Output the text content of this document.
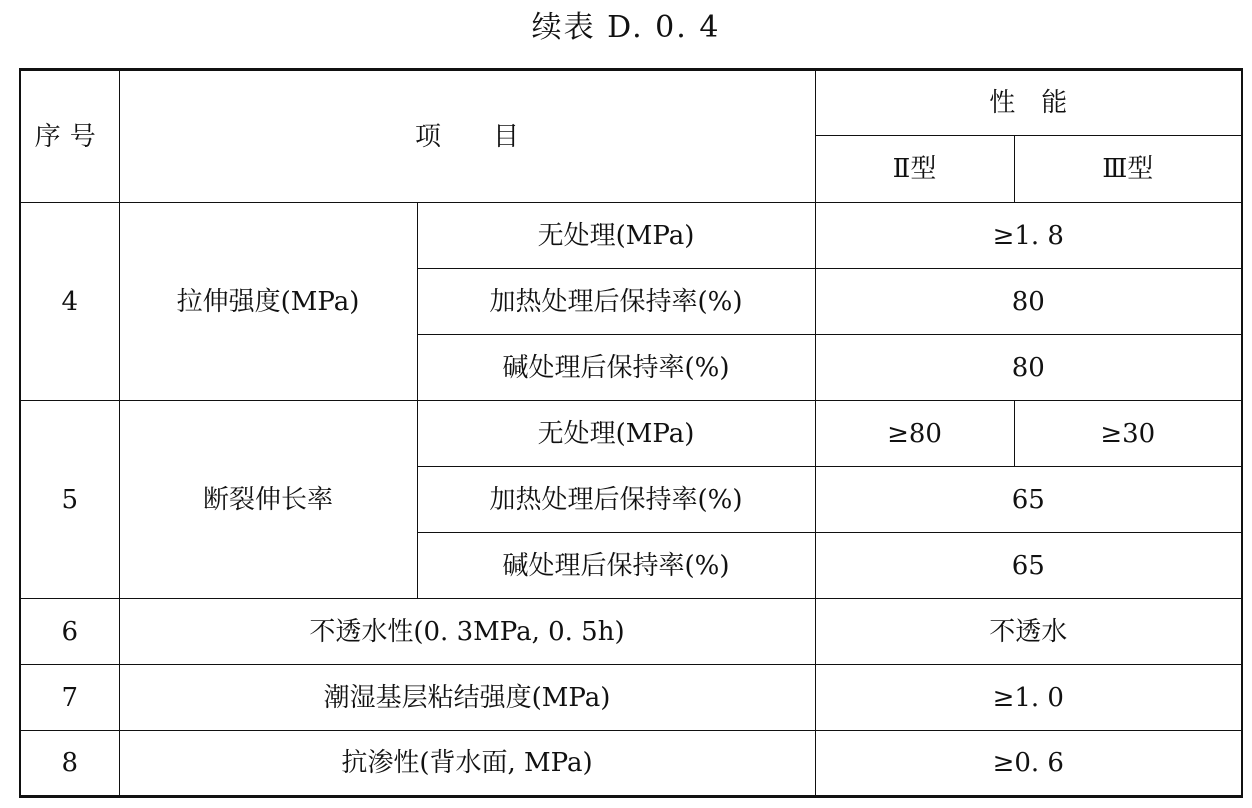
续表 D. 0. 4
序号	项　　目		性　能	
			Ⅱ型	Ⅲ型
4	拉伸强度(MPa)	无处理(MPa)	≥1. 8	
		加热处理后保持率(%)	80	
		碱处理后保持率(%)	80	
5	断裂伸长率	无处理(MPa)	≥80	≥30
		加热处理后保持率(%)	65	
		碱处理后保持率(%)	65	
6	不透水性(0. 3MPa, 0. 5h)		不透水	
7	潮湿基层粘结强度(MPa)		≥1. 0	
8	抗渗性(背水面, MPa)		≥0. 6	
